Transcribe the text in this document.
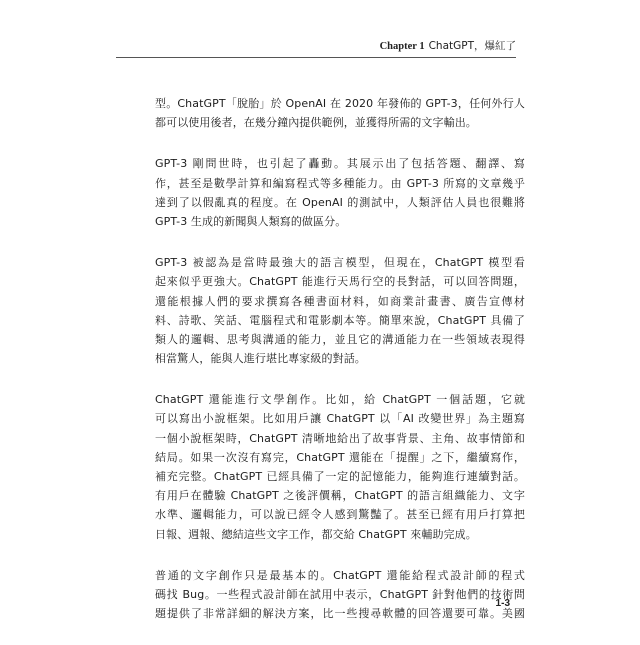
Chapter 1 ChatGPT，爆紅了
型。ChatGPT「脫胎」於 OpenAI 在 2020 年發佈的 GPT-3，任何外行人
都可以使用後者，在幾分鐘內提供範例，並獲得所需的文字輸出。
GPT-3 剛問世時，也引起了轟動。其展示出了包括答題、翻譯、寫
作，甚至是數學計算和編寫程式等多種能力。由 GPT-3 所寫的文章幾乎
達到了以假亂真的程度。在 OpenAI 的測試中，人類評估人員也很難將
GPT-3 生成的新聞與人類寫的做區分。
GPT-3 被認為是當時最強大的語言模型，但現在，ChatGPT 模型看
起來似乎更強大。ChatGPT 能進行天馬行空的長對話，可以回答問題，
還能根據人們的要求撰寫各種書面材料，如商業計畫書、廣告宣傳材
料、詩歌、笑話、電腦程式和電影劇本等。簡單來說，ChatGPT 具備了
類人的邏輯、思考與溝通的能力，並且它的溝通能力在一些領域表現得
相當驚人，能與人進行堪比專家級的對話。
ChatGPT 還能進行文學創作。比如，給 ChatGPT 一個話題，它就
可以寫出小說框架。比如用戶讓 ChatGPT 以「AI 改變世界」為主題寫
一個小說框架時，ChatGPT 清晰地給出了故事背景、主角、故事情節和
結局。如果一次沒有寫完，ChatGPT 還能在「提醒」之下，繼續寫作，
補充完整。ChatGPT 已經具備了一定的記憶能力，能夠進行連續對話。
有用戶在體驗 ChatGPT 之後評價稱，ChatGPT 的語言組織能力、文字
水準、邏輯能力，可以說已經令人感到驚豔了。甚至已經有用戶打算把
日報、週報、總結這些文字工作，都交給 ChatGPT 來輔助完成。
普通的文字創作只是最基本的。ChatGPT 還能給程式設計師的程式
碼找 Bug。一些程式設計師在試用中表示，ChatGPT 針對他們的技術問
題提供了非常詳細的解決方案，比一些搜尋軟體的回答還要可靠。美國
1-3
